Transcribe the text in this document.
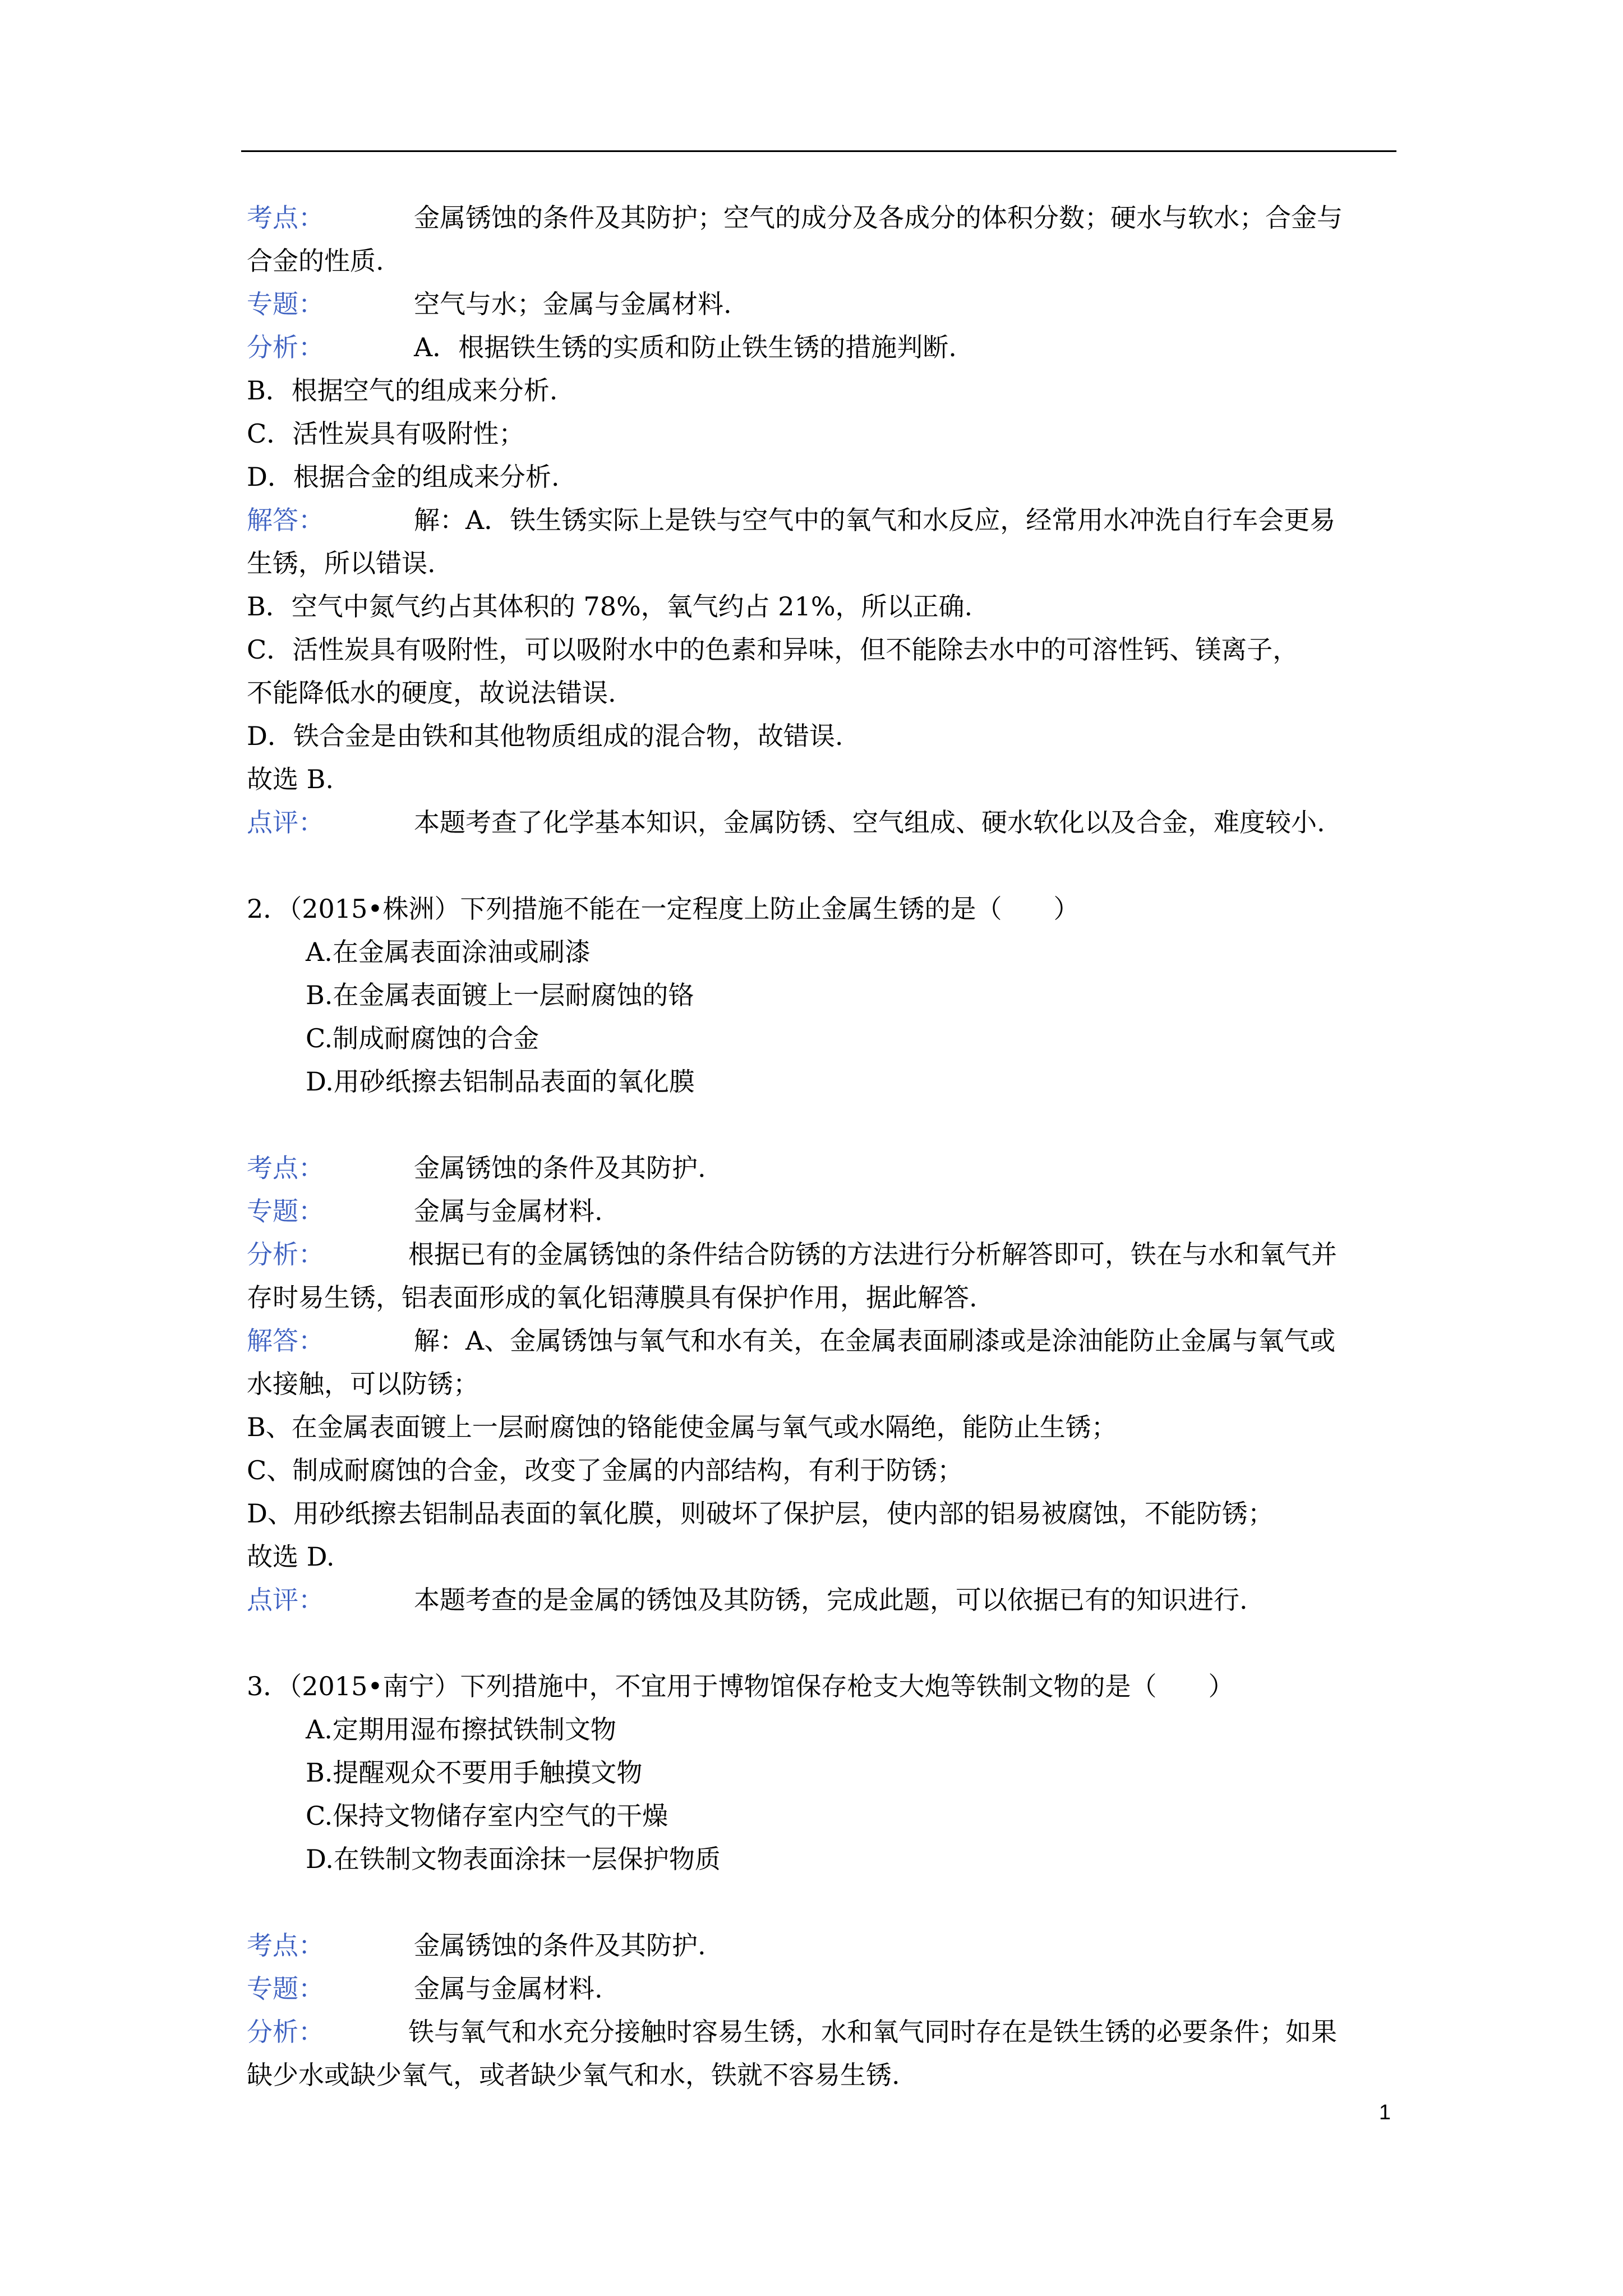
考点：	金属锈蚀的条件及其防护；空气的成分及各成分的体积分数；硬水与软水；合金与
合金的性质.
专题：	空气与水；金属与金属材料.
分析：	A．根据铁生锈的实质和防止铁生锈的措施判断.
B．根据空气的组成来分析.
C．活性炭具有吸附性；
D．根据合金的组成来分析.
解答：	解：A．铁生锈实际上是铁与空气中的氧气和水反应，经常用水冲洗自行车会更易
生锈，所以错误.
B．空气中氮气约占其体积的 78%，氧气约占 21%，所以正确.
C．活性炭具有吸附性，可以吸附水中的色素和异味，但不能除去水中的可溶性钙、镁离子，
不能降低水的硬度，故说法错误.
D．铁合金是由铁和其他物质组成的混合物，故错误.
故选 B.
点评：	本题考查了化学基本知识，金属防锈、空气组成、硬水软化以及合金，难度较小.
2．（2015•株洲）下列措施不能在一定程度上防止金属生锈的是（　　）
A.在金属表面涂油或刷漆
B.在金属表面镀上一层耐腐蚀的铬
C.制成耐腐蚀的合金
D.用砂纸擦去铝制品表面的氧化膜
考点：	金属锈蚀的条件及其防护.
专题：	金属与金属材料.
分析：	根据已有的金属锈蚀的条件结合防锈的方法进行分析解答即可，铁在与水和氧气并
存时易生锈，铝表面形成的氧化铝薄膜具有保护作用，据此解答.
解答：	解：A、金属锈蚀与氧气和水有关，在金属表面刷漆或是涂油能防止金属与氧气或
水接触，可以防锈；
B、在金属表面镀上一层耐腐蚀的铬能使金属与氧气或水隔绝，能防止生锈；
C、制成耐腐蚀的合金，改变了金属的内部结构，有利于防锈；
D、用砂纸擦去铝制品表面的氧化膜，则破坏了保护层，使内部的铝易被腐蚀，不能防锈；
故选 D.
点评：	本题考查的是金属的锈蚀及其防锈，完成此题，可以依据已有的知识进行.
3．（2015•南宁）下列措施中，不宜用于博物馆保存枪支大炮等铁制文物的是（　　）
A.定期用湿布擦拭铁制文物
B.提醒观众不要用手触摸文物
C.保持文物储存室内空气的干燥
D.在铁制文物表面涂抹一层保护物质
考点：	金属锈蚀的条件及其防护.
专题：	金属与金属材料.
分析：	铁与氧气和水充分接触时容易生锈，水和氧气同时存在是铁生锈的必要条件；如果
缺少水或缺少氧气，或者缺少氧气和水，铁就不容易生锈.
1
